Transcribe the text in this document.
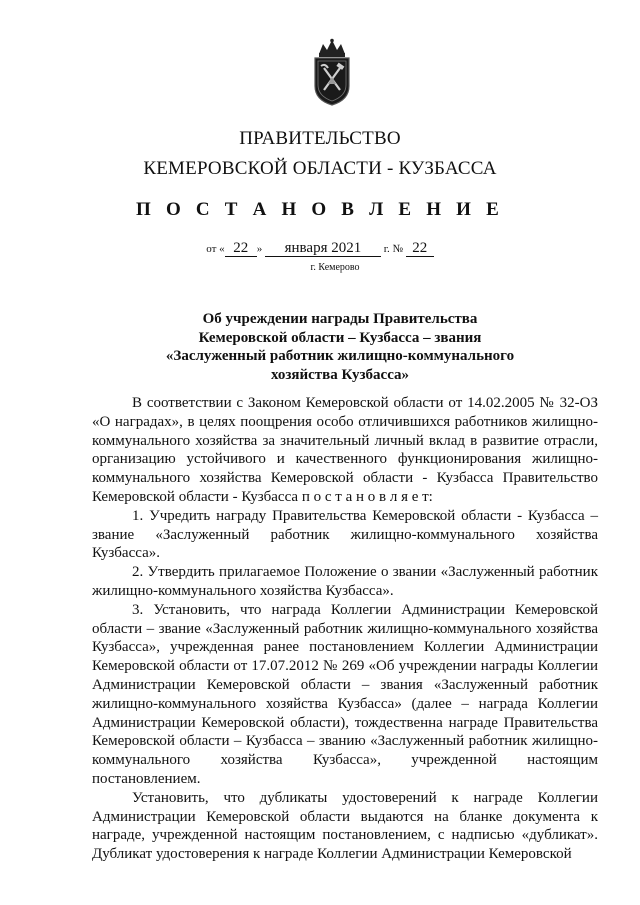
ПРАВИТЕЛЬСТВО
КЕМЕРОВСКОЙ ОБЛАСТИ - КУЗБАССА
П О С Т А Н О В Л Е Н И Е
от « 22 » января 2021 г. № 22
г. Кемерово
Об учреждении награды Правительства
Кемеровской области – Кузбасса – звания
«Заслуженный работник жилищно-коммунального
хозяйства Кузбасса»

В соответствии с Законом Кемеровской области от 14.02.2005 № 32-ОЗ «О наградах», в целях поощрения особо отличившихся работников жилищно-коммунального хозяйства за значительный личный вклад в развитие отрасли, организацию устойчивого и качественного функционирования жилищно-коммунального хозяйства Кемеровской области - Кузбасса Правительство Кемеровской области - Кузбасса п о с т а н о в л я е т:

1. Учредить награду Правительства Кемеровской области - Кузбасса – звание «Заслуженный работник жилищно-коммунального хозяйства Кузбасса».

2. Утвердить прилагаемое Положение о звании «Заслуженный работник жилищно-коммунального хозяйства Кузбасса».

3. Установить, что награда Коллегии Администрации Кемеровской области – звание «Заслуженный работник жилищно-коммунального хозяйства Кузбасса», учрежденная ранее постановлением Коллегии Администрации Кемеровской области от 17.07.2012 № 269 «Об учреждении награды Коллегии Администрации Кемеровской области – звания «Заслуженный работник жилищно-коммунального хозяйства Кузбасса» (далее – награда Коллегии Администрации Кемеровской области), тождественна награде Правительства Кемеровской области – Кузбасса – званию «Заслуженный работник жилищно-коммунального хозяйства Кузбасса», учрежденной настоящим постановлением.

Установить, что дубликаты удостоверений к награде Коллегии Администрации Кемеровской области выдаются на бланке документа к награде, учрежденной настоящим постановлением, с надписью «дубликат». Дубликат удостоверения к награде Коллегии Администрации Кемеровской
